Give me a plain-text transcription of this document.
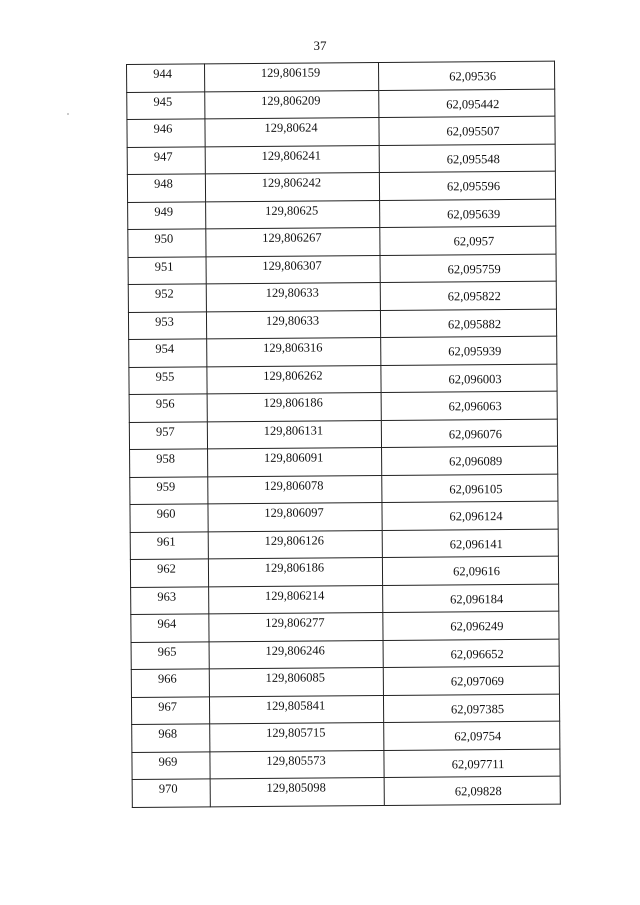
37
944	129,806159	62,09536
945	129,806209	62,095442
946	129,80624	62,095507
947	129,806241	62,095548
948	129,806242	62,095596
949	129,80625	62,095639
950	129,806267	62,0957
951	129,806307	62,095759
952	129,80633	62,095822
953	129,80633	62,095882
954	129,806316	62,095939
955	129,806262	62,096003
956	129,806186	62,096063
957	129,806131	62,096076
958	129,806091	62,096089
959	129,806078	62,096105
960	129,806097	62,096124
961	129,806126	62,096141
962	129,806186	62,09616
963	129,806214	62,096184
964	129,806277	62,096249
965	129,806246	62,096652
966	129,806085	62,097069
967	129,805841	62,097385
968	129,805715	62,09754
969	129,805573	62,097711
970	129,805098	62,09828
